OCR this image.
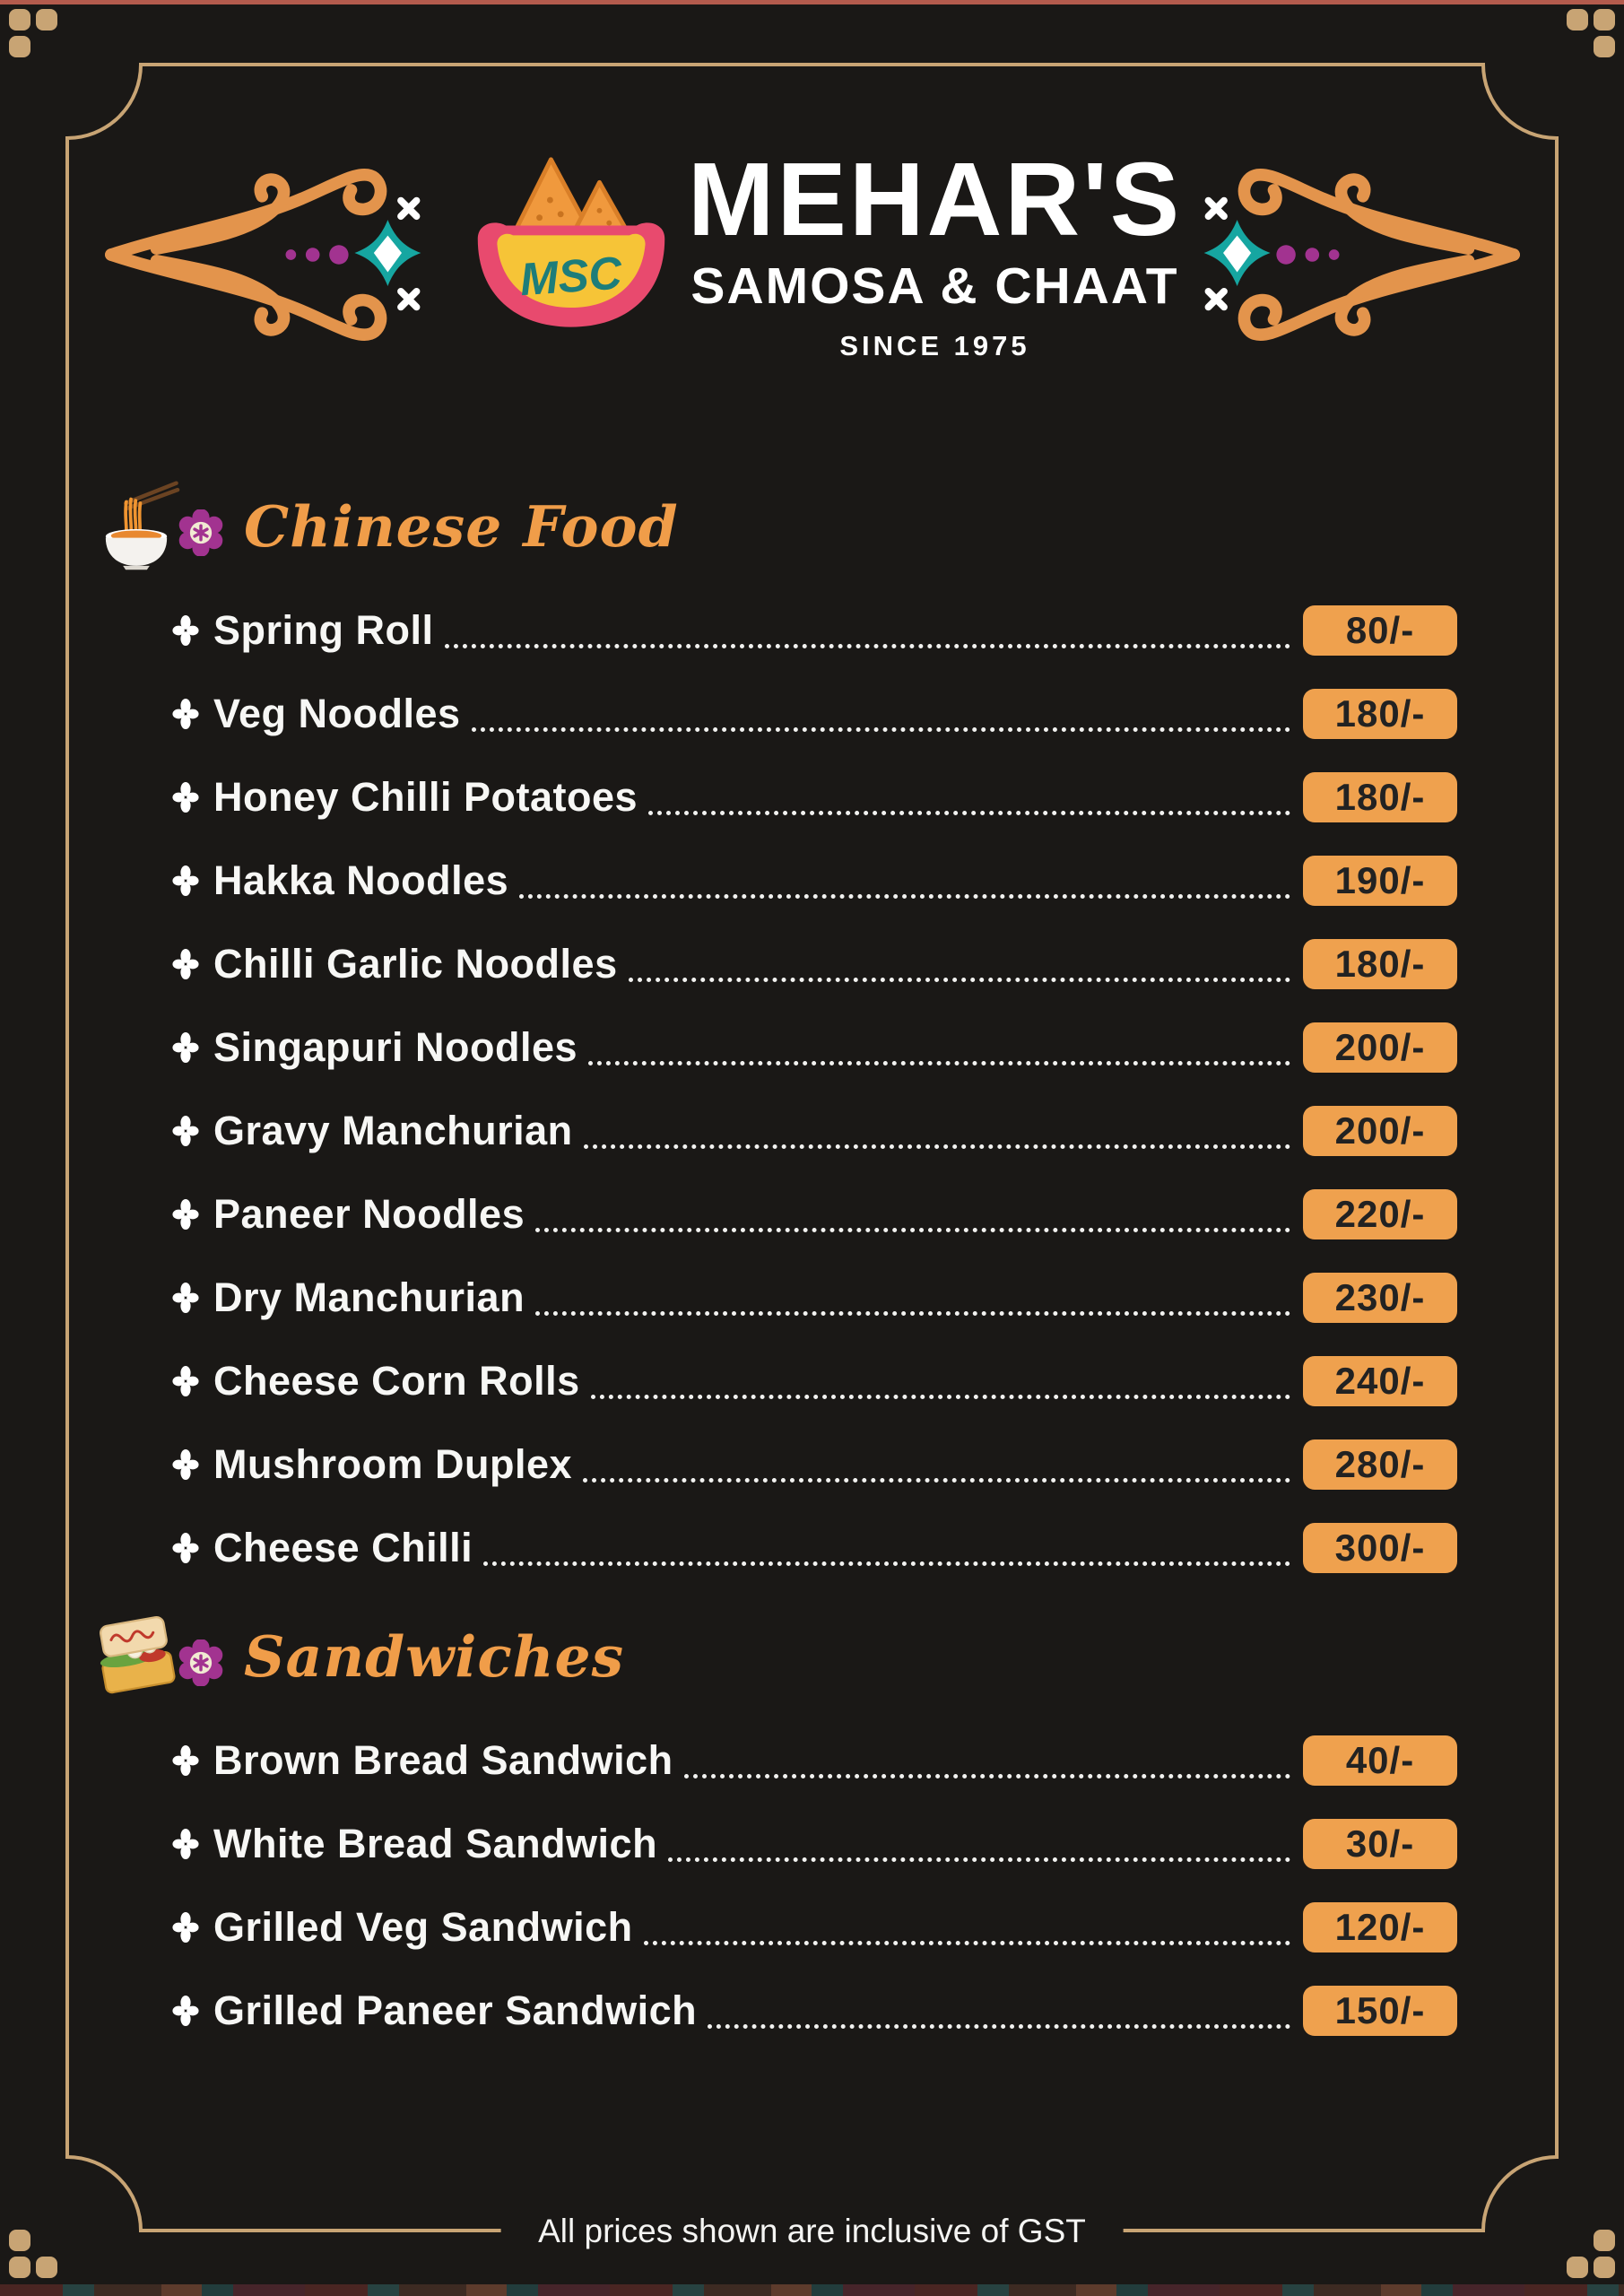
MSC
MEHAR'S
SAMOSA & CHAAT
SINCE 1975
Chinese Food
Spring Roll	80/-
Veg Noodles	180/-
Honey Chilli Potatoes	180/-
Hakka Noodles	190/-
Chilli Garlic Noodles	180/-
Singapuri Noodles	200/-
Gravy Manchurian	200/-
Paneer Noodles	220/-
Dry Manchurian	230/-
Cheese Corn Rolls	240/-
Mushroom Duplex	280/-
Cheese Chilli	300/-
Sandwiches
Brown Bread Sandwich	40/-
White Bread Sandwich	30/-
Grilled Veg Sandwich	120/-
Grilled Paneer Sandwich	150/-
All prices shown are inclusive of GST
